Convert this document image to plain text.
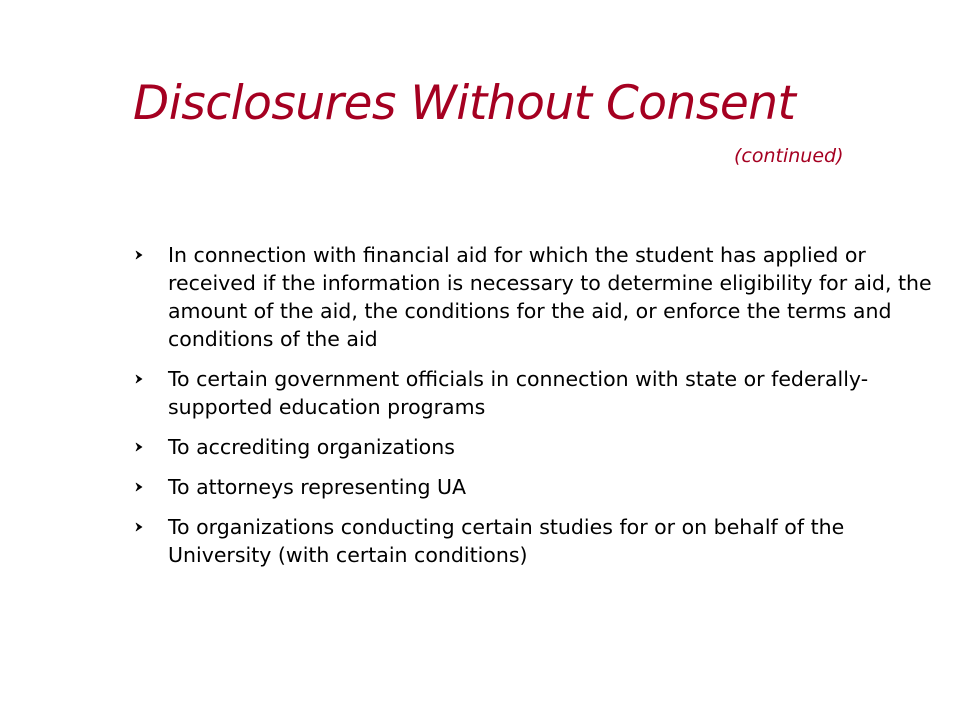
Disclosures Without Consent
(continued)
In connection with financial aid for which the student has applied or received if the information is necessary to determine eligibility for aid, the amount of the aid, the conditions for the aid, or enforce the terms and conditions of the aid
To certain government officials in connection with state or federally-supported education programs
To accrediting organizations
To attorneys representing UA
To organizations conducting certain studies for or on behalf of the University (with certain conditions)
